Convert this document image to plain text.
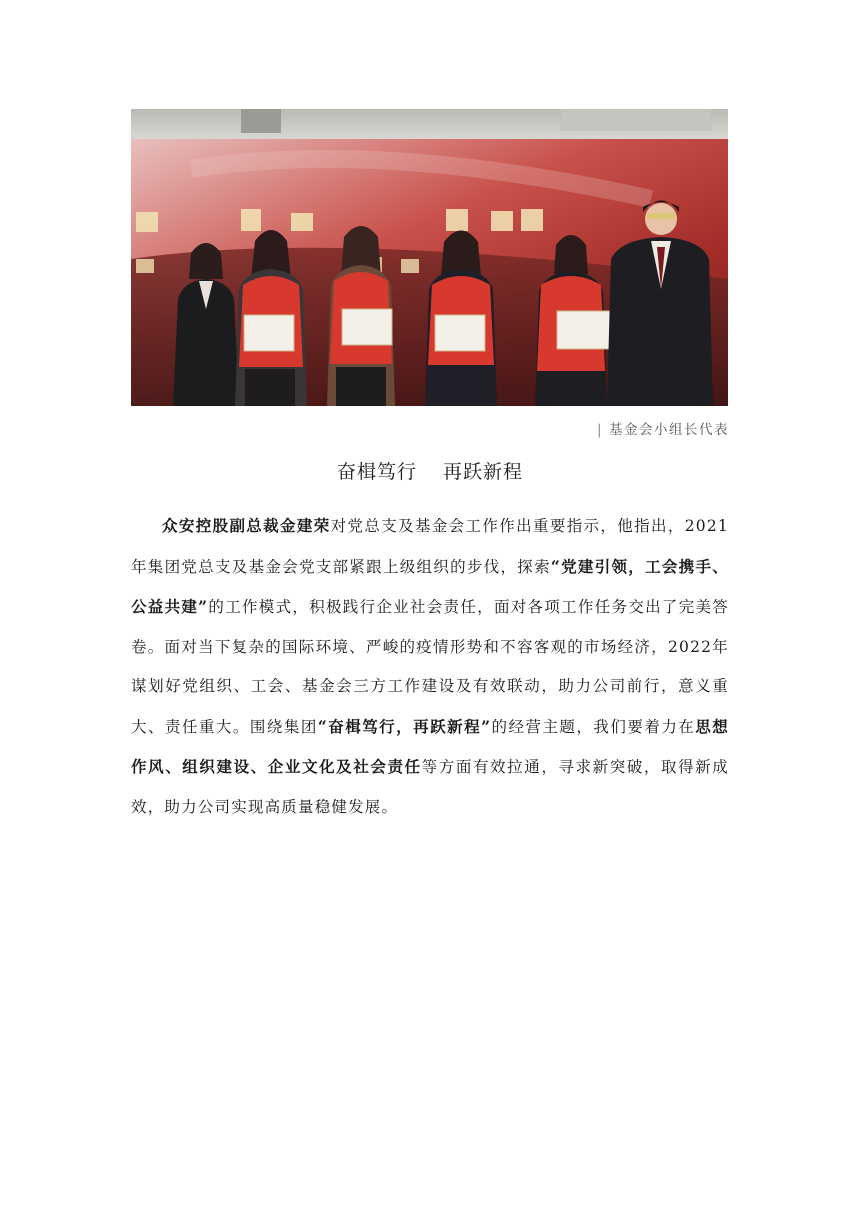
| 基金会小组长代表
奋楫笃行 再跃新程

众安控股副总裁金建荣对党总支及基金会工作作出重要指示，他指出，2021年集团党总支及基金会党支部紧跟上级组织的步伐，探索“党建引领，工会携手、公益共建”的工作模式，积极践行企业社会责任，面对各项工作任务交出了完美答卷。面对当下复杂的国际环境、严峻的疫情形势和不容客观的市场经济，2022年谋划好党组织、工会、基金会三方工作建设及有效联动，助力公司前行，意义重大、责任重大。围绕集团“奋楫笃行，再跃新程”的经营主题，我们要着力在思想作风、组织建设、企业文化及社会责任等方面有效拉通，寻求新突破，取得新成效，助力公司实现高质量稳健发展。
